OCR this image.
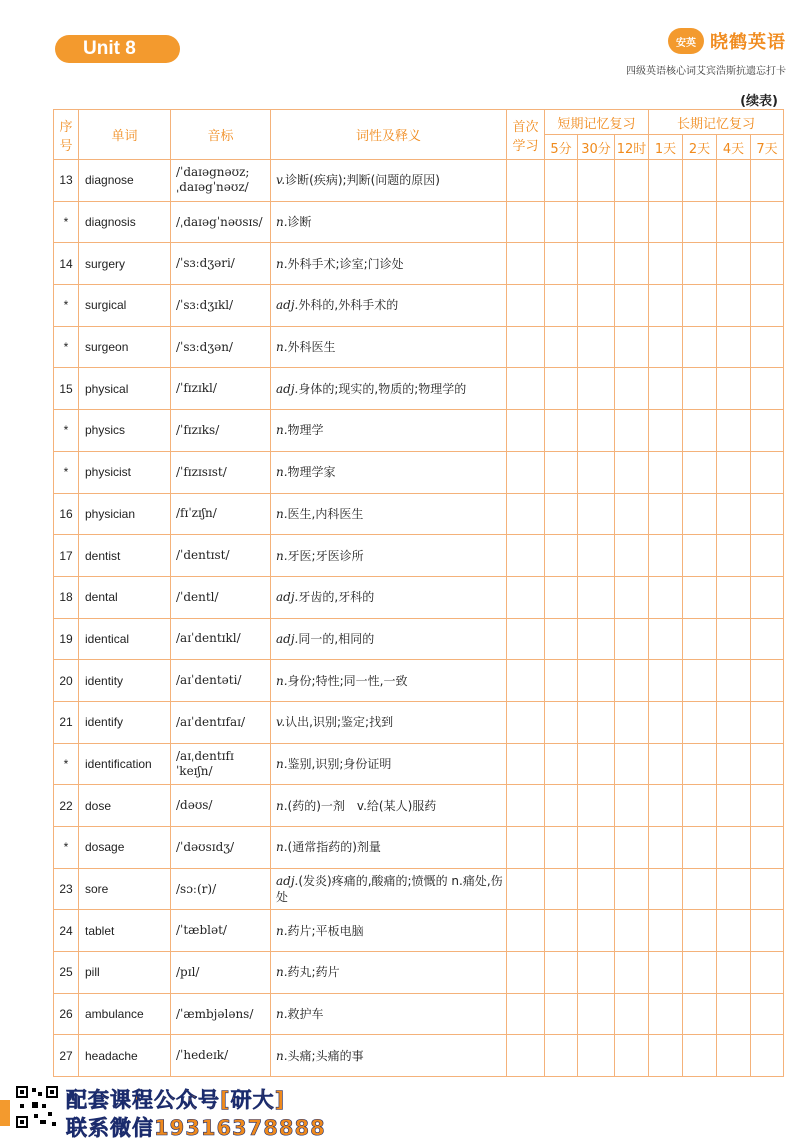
Unit 8	安英 晓鹤英语
四级英语核心词艾宾浩斯抗遗忘打卡
(续表)
序号	单词	音标	词性及释义	首次学习	短期记忆复习			长期记忆复习			
					5分	30分	12时	1天	2天	4天	7天
13	diagnose	/ˈdaɪəgnəʊz; ˌdaɪəgˈnəʊz/	v.诊断(疾病);判断(问题的原因)								
*	diagnosis	/ˌdaɪəgˈnəʊsɪs/	n.诊断								
14	surgery	/ˈsɜːdʒəri/	n.外科手术;诊室;门诊处								
*	surgical	/ˈsɜːdʒɪkl/	adj.外科的,外科手术的								
*	surgeon	/ˈsɜːdʒən/	n.外科医生								
15	physical	/ˈfɪzɪkl/	adj.身体的;现实的,物质的;物理学的								
*	physics	/ˈfɪzɪks/	n.物理学								
*	physicist	/ˈfɪzɪsɪst/	n.物理学家								
16	physician	/fɪˈzɪʃn/	n.医生,内科医生								
17	dentist	/ˈdentɪst/	n.牙医;牙医诊所								
18	dental	/ˈdentl/	adj.牙齿的,牙科的								
19	identical	/aɪˈdentɪkl/	adj.同一的,相同的								
20	identity	/aɪˈdentəti/	n.身份;特性;同一性,一致								
21	identify	/aɪˈdentɪfaɪ/	v.认出,识别;鉴定;找到								
*	identification	/aɪˌdentɪfɪˈkeɪʃn/	n.鉴别,识别;身份证明								
22	dose	/dəʊs/	n.(药的)一剂　v.给(某人)服药								
*	dosage	/ˈdəʊsɪdʒ/	n.(通常指药的)剂量								
23	sore	/sɔː(r)/	adj.(发炎)疼痛的,酸痛的;愤慨的 n.痛处,伤处								
24	tablet	/ˈtæblət/	n.药片;平板电脑								
25	pill	/pɪl/	n.药丸;药片								
26	ambulance	/ˈæmbjələns/	n.救护车								
27	headache	/ˈhedeɪk/	n.头痛;头痛的事								
配套课程公众号[研大]
联系微信19316378888
